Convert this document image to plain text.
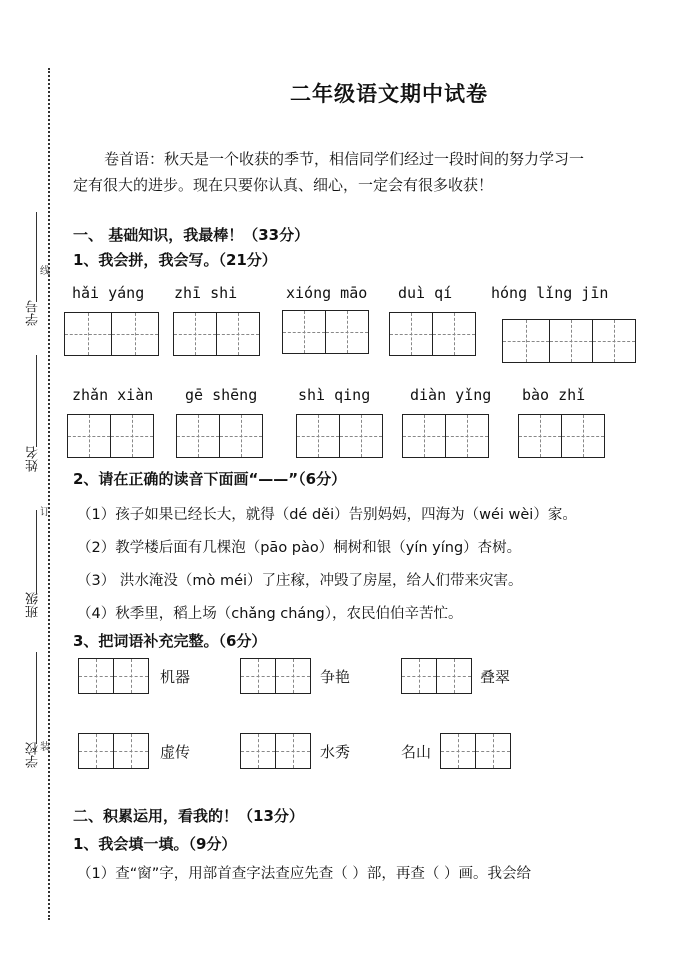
学号
线
姓名
订
班级
学校 装
二年级语文期中试卷
卷首语：秋天是一个收获的季节，相信同学们经过一段时间的努力学习一
定有很大的进步。现在只要你认真、细心，一定会有很多收获！
一、 基础知识，我最棒！（33分）
1、我会拼，我会写。（21分）
hǎi yáng zhī shi	xióng māo duì qí	hóng lǐng jīn
zhǎn xiàn gē shēng	shì qing	diàn yǐng bào zhǐ
2、请在正确的读音下面画“——”（6分）
（1）孩子如果已经长大，就得（dé děi）告别妈妈，四海为（wéi wèi）家。
（2）教学楼后面有几棵泡（pāo pào）桐树和银（yín yíng）杏树。
（3） 洪水淹没（mò méi）了庄稼，冲毁了房屋，给人们带来灾害。
（4）秋季里，稻上场（chǎng cháng），农民伯伯辛苦忙。
3、把词语补充完整。（6分）
机器	争艳	叠翠
虚传	水秀	名山
二、积累运用，看我的！（13分）
1、我会填一填。（9分）
（1）查“窗”字，用部首查字法查应先查（ ）部，再查（ ）画。我会给
